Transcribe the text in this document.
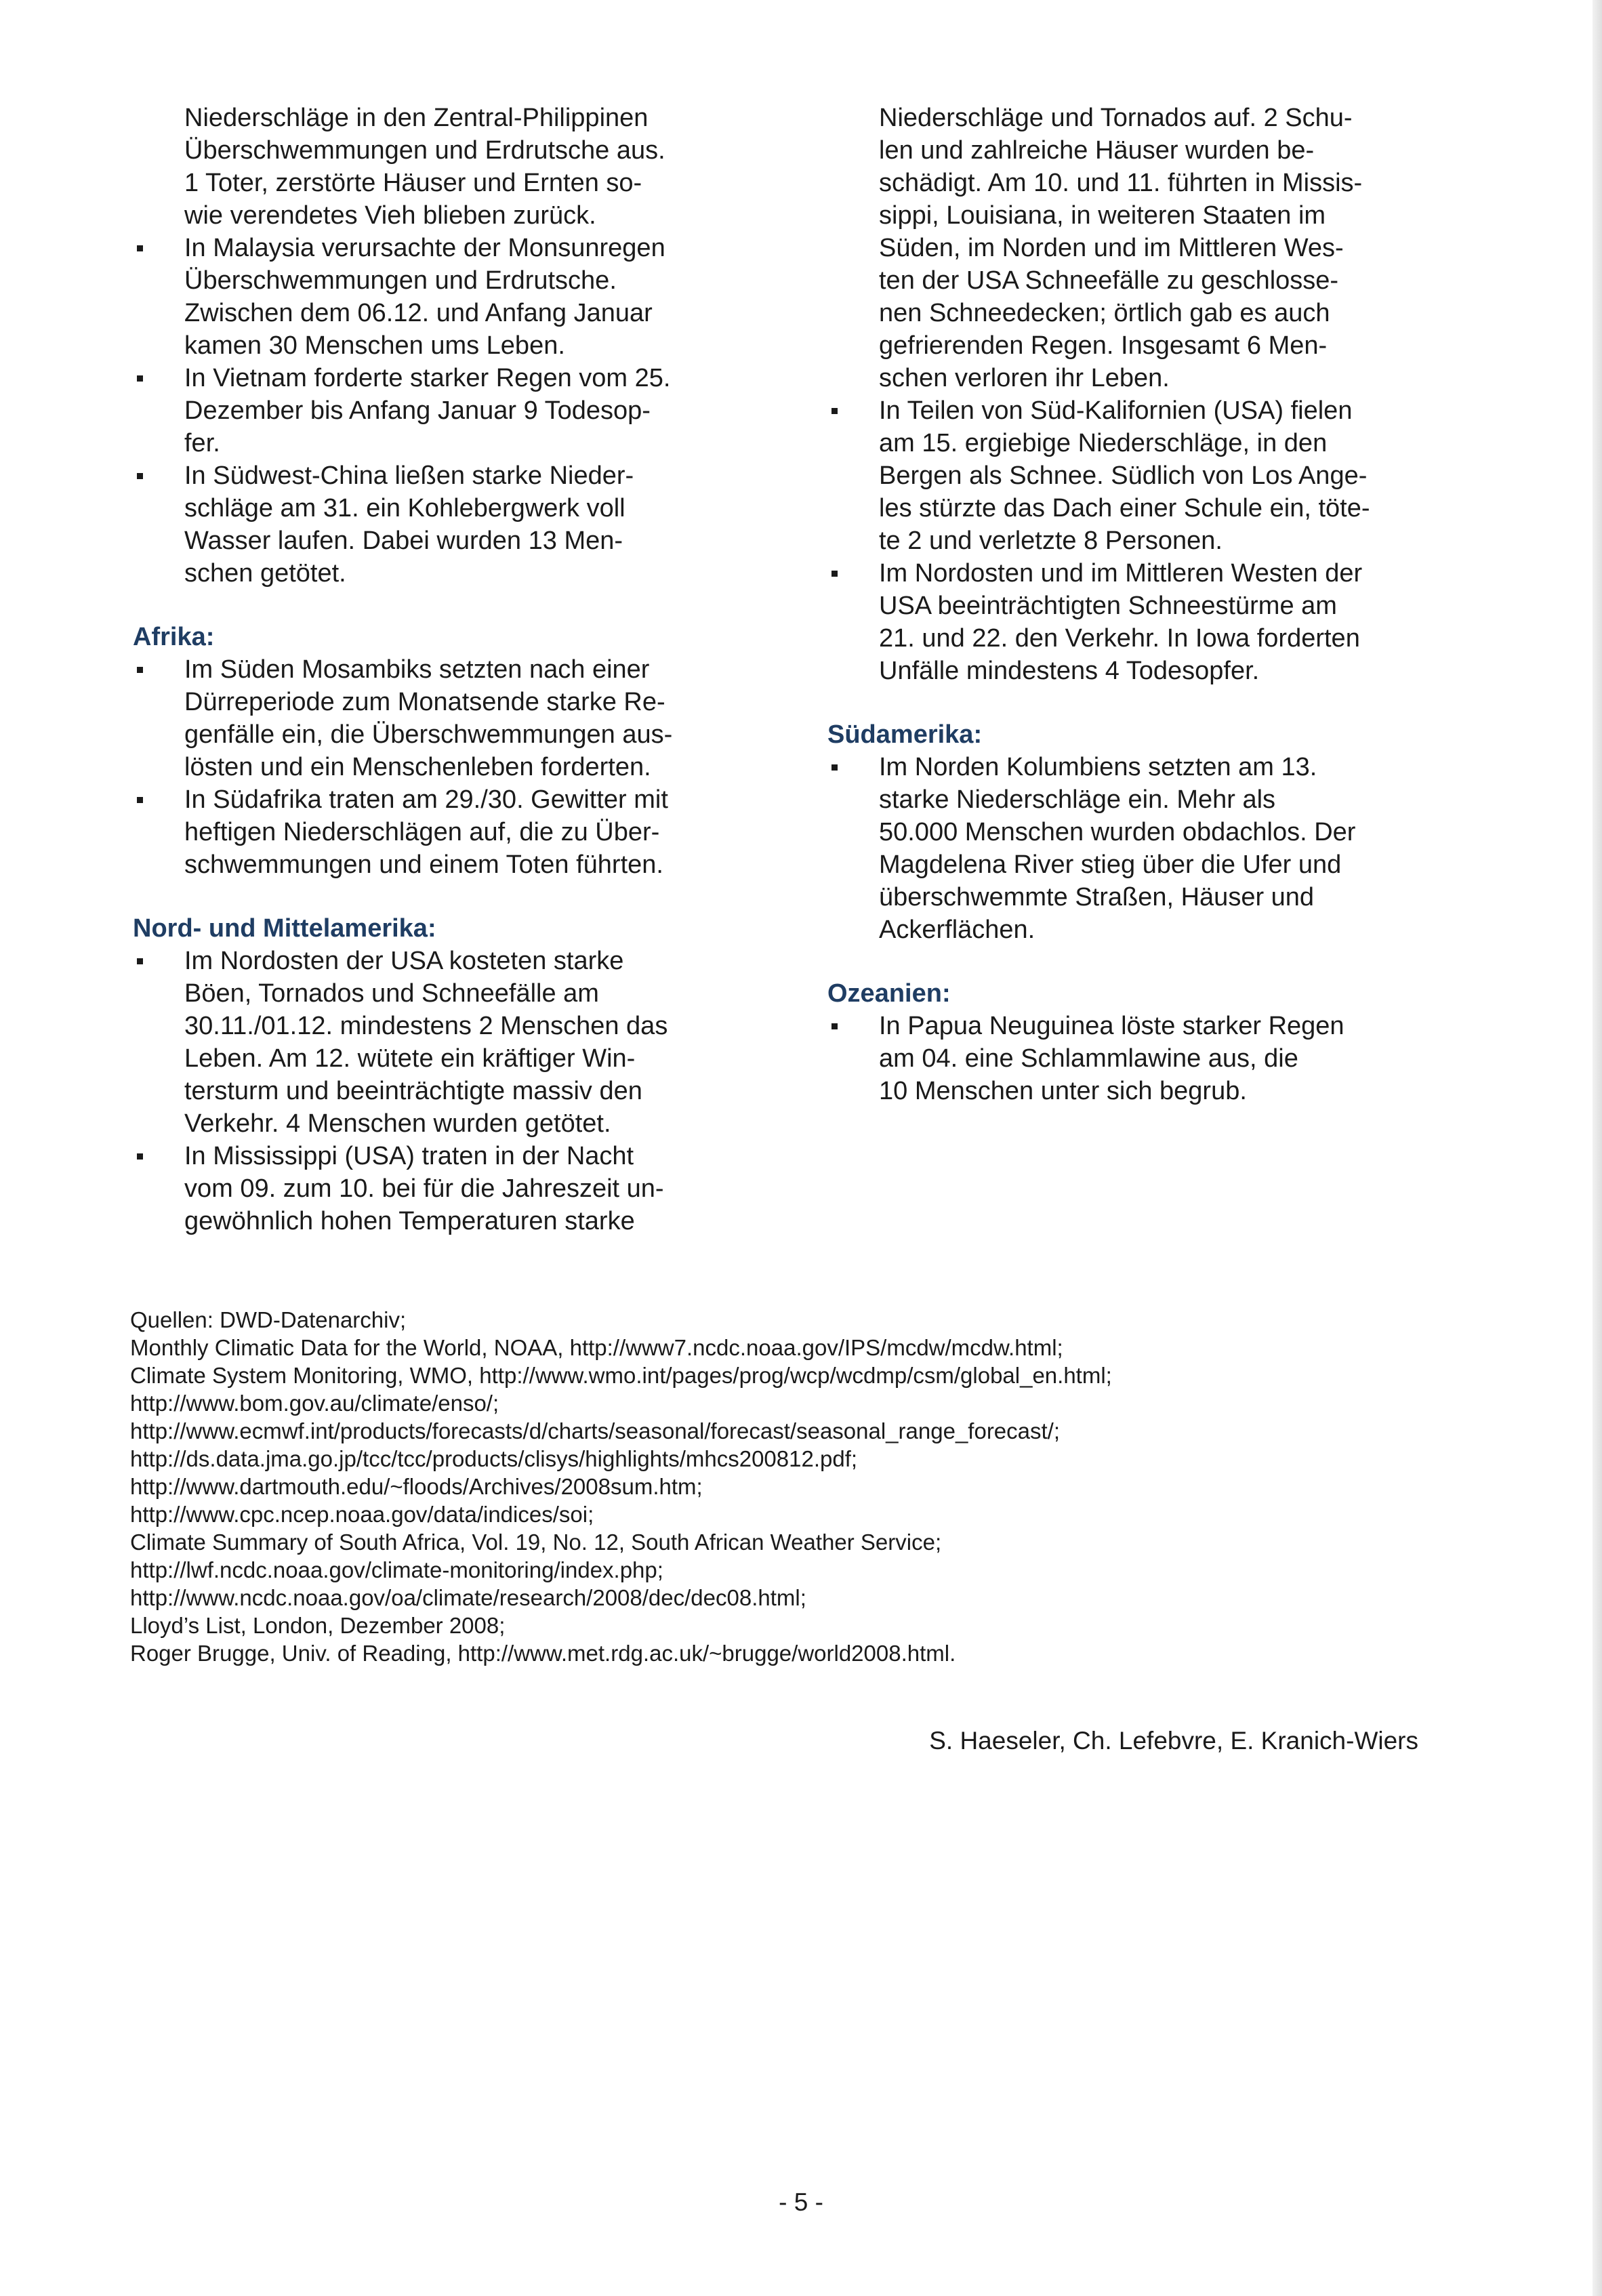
Niederschläge in den Zentral-Philippinen
Überschwemmungen und Erdrutsche aus.
1 Toter, zerstörte Häuser und Ernten so-
wie verendetes Vieh blieben zurück.

In Malaysia verursachte der Monsunregen
Überschwemmungen und Erdrutsche.
Zwischen dem 06.12. und Anfang Januar
kamen 30 Menschen ums Leben.
In Vietnam forderte starker Regen vom 25.
Dezember bis Anfang Januar 9 Todesop-
fer.
In Südwest-China ließen starke Nieder-
schläge am 31. ein Kohlebergwerk voll
Wasser laufen. Dabei wurden 13 Men-
schen getötet.
Afrika:
Im Süden Mosambiks setzten nach einer
Dürreperiode zum Monatsende starke Re-
genfälle ein, die Überschwemmungen aus-
lösten und ein Menschenleben forderten.
In Südafrika traten am 29./30. Gewitter mit
heftigen Niederschlägen auf, die zu Über-
schwemmungen und einem Toten führten.
Nord- und Mittelamerika:
Im Nordosten der USA kosteten starke
Böen, Tornados und Schneefälle am
30.11./01.12. mindestens 2 Menschen das
Leben. Am 12. wütete ein kräftiger Win-
tersturm und beeinträchtigte massiv den
Verkehr. 4 Menschen wurden getötet.
In Mississippi (USA) traten in der Nacht
vom 09. zum 10. bei für die Jahreszeit un-
gewöhnlich hohen Temperaturen starke

Niederschläge und Tornados auf. 2 Schu-
len und zahlreiche Häuser wurden be-
schädigt. Am 10. und 11. führten in Missis-
sippi, Louisiana, in weiteren Staaten im
Süden, im Norden und im Mittleren Wes-
ten der USA Schneefälle zu geschlosse-
nen Schneedecken; örtlich gab es auch
gefrierenden Regen. Insgesamt 6 Men-
schen verloren ihr Leben.

In Teilen von Süd-Kalifornien (USA) fielen
am 15. ergiebige Niederschläge, in den
Bergen als Schnee. Südlich von Los Ange-
les stürzte das Dach einer Schule ein, töte-
te 2 und verletzte 8 Personen.
Im Nordosten und im Mittleren Westen der
USA beeinträchtigten Schneestürme am
21. und 22. den Verkehr. In Iowa forderten
Unfälle mindestens 4 Todesopfer.
Südamerika:
Im Norden Kolumbiens setzten am 13.
starke Niederschläge ein. Mehr als
50.000 Menschen wurden obdachlos. Der
Magdelena River stieg über die Ufer und
überschwemmte Straßen, Häuser und
Ackerflächen.
Ozeanien:
In Papua Neuguinea löste starker Regen
am 04. eine Schlammlawine aus, die
10 Menschen unter sich begrub.
Quellen: DWD-Datenarchiv;
Monthly Climatic Data for the World, NOAA, http://www7.ncdc.noaa.gov/IPS/mcdw/mcdw.html;
Climate System Monitoring, WMO, http://www.wmo.int/pages/prog/wcp/wcdmp/csm/global_en.html;
http://www.bom.gov.au/climate/enso/;
http://www.ecmwf.int/products/forecasts/d/charts/seasonal/forecast/seasonal_range_forecast/;
http://ds.data.jma.go.jp/tcc/tcc/products/clisys/highlights/mhcs200812.pdf;
http://www.dartmouth.edu/~floods/Archives/2008sum.htm;
http://www.cpc.ncep.noaa.gov/data/indices/soi;
Climate Summary of South Africa, Vol. 19, No. 12, South African Weather Service;
http://lwf.ncdc.noaa.gov/climate-monitoring/index.php;
http://www.ncdc.noaa.gov/oa/climate/research/2008/dec/dec08.html;
Lloyd’s List, London, Dezember 2008;
Roger Brugge, Univ. of Reading, http://www.met.rdg.ac.uk/~brugge/world2008.html.
S. Haeseler, Ch. Lefebvre, E. Kranich-Wiers
- 5 -
